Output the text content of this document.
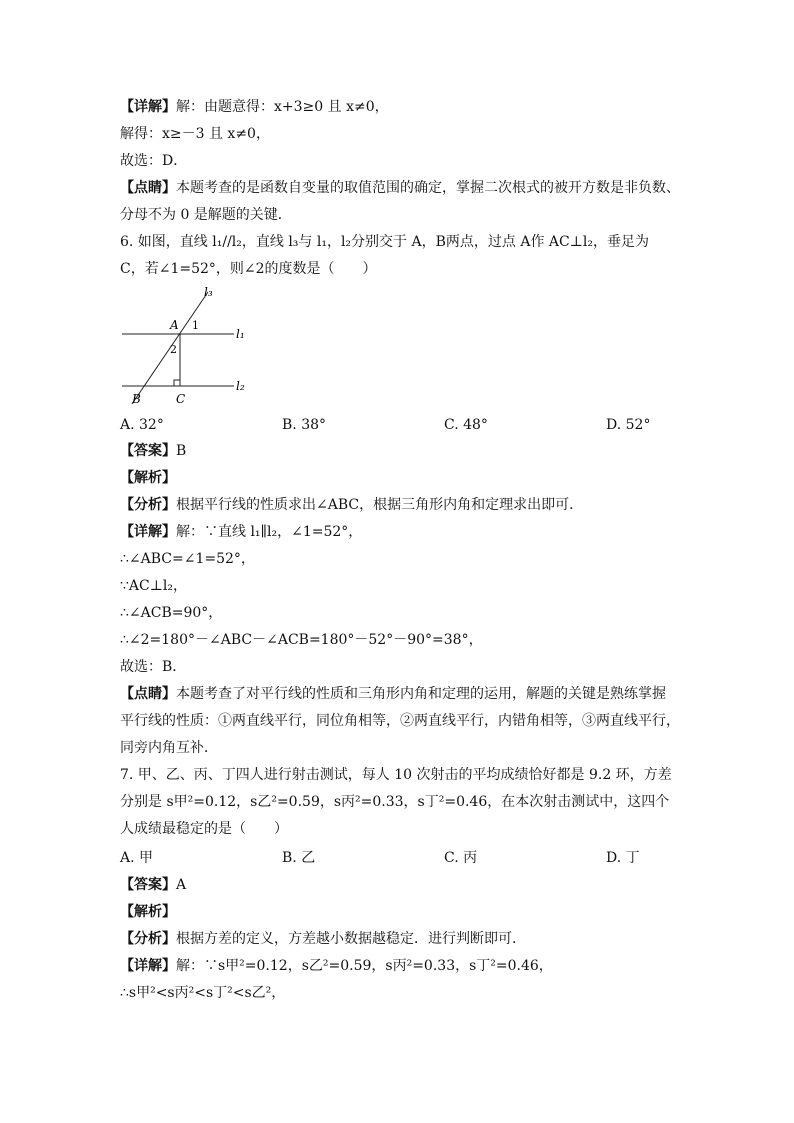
【详解】解：由题意得：x+3≥0 且 x≠0，
解得：x≥－3 且 x≠0，
故选：D．
【点睛】本题考查的是函数自变量的取值范围的确定，掌握二次根式的被开方数是非负数、
分母不为 0 是解题的关键．
6. 如图，直线 l₁//l₂，直线 l₃与 l₁，l₂分别交于 A，B两点，过点 A作 AC⊥l₂，垂足为
C，若∠1=52°，则∠2的度数是（　　）
l₃
l₁
l₂
A 1
2
B	C
A. 32°	B. 38°	C. 48°	D. 52°
【答案】B
【解析】
【分析】根据平行线的性质求出∠ABC，根据三角形内角和定理求出即可．
【详解】解：∵直线 l₁∥l₂，∠1=52°，
∴∠ABC=∠1=52°，
∵AC⊥l₂，
∴∠ACB=90°，
∴∠2=180°－∠ABC－∠ACB=180°－52°－90°=38°，
故选：B．
【点睛】本题考查了对平行线的性质和三角形内角和定理的运用，解题的关键是熟练掌握
平行线的性质：①两直线平行，同位角相等，②两直线平行，内错角相等，③两直线平行，
同旁内角互补．
7. 甲、乙、丙、丁四人进行射击测试，每人 10 次射击的平均成绩恰好都是 9.2 环，方差
分别是 s甲²=0.12，s乙²=0.59，s丙²=0.33，s丁²=0.46，在本次射击测试中，这四个
人成绩最稳定的是（　　）
A. 甲	B. 乙	C. 丙	D. 丁
【答案】A
【解析】
【分析】根据方差的定义，方差越小数据越稳定．进行判断即可．
【详解】解：∵s甲²=0.12，s乙²=0.59，s丙²=0.33，s丁²=0.46，
∴s甲²<s丙²<s丁²<s乙²，
